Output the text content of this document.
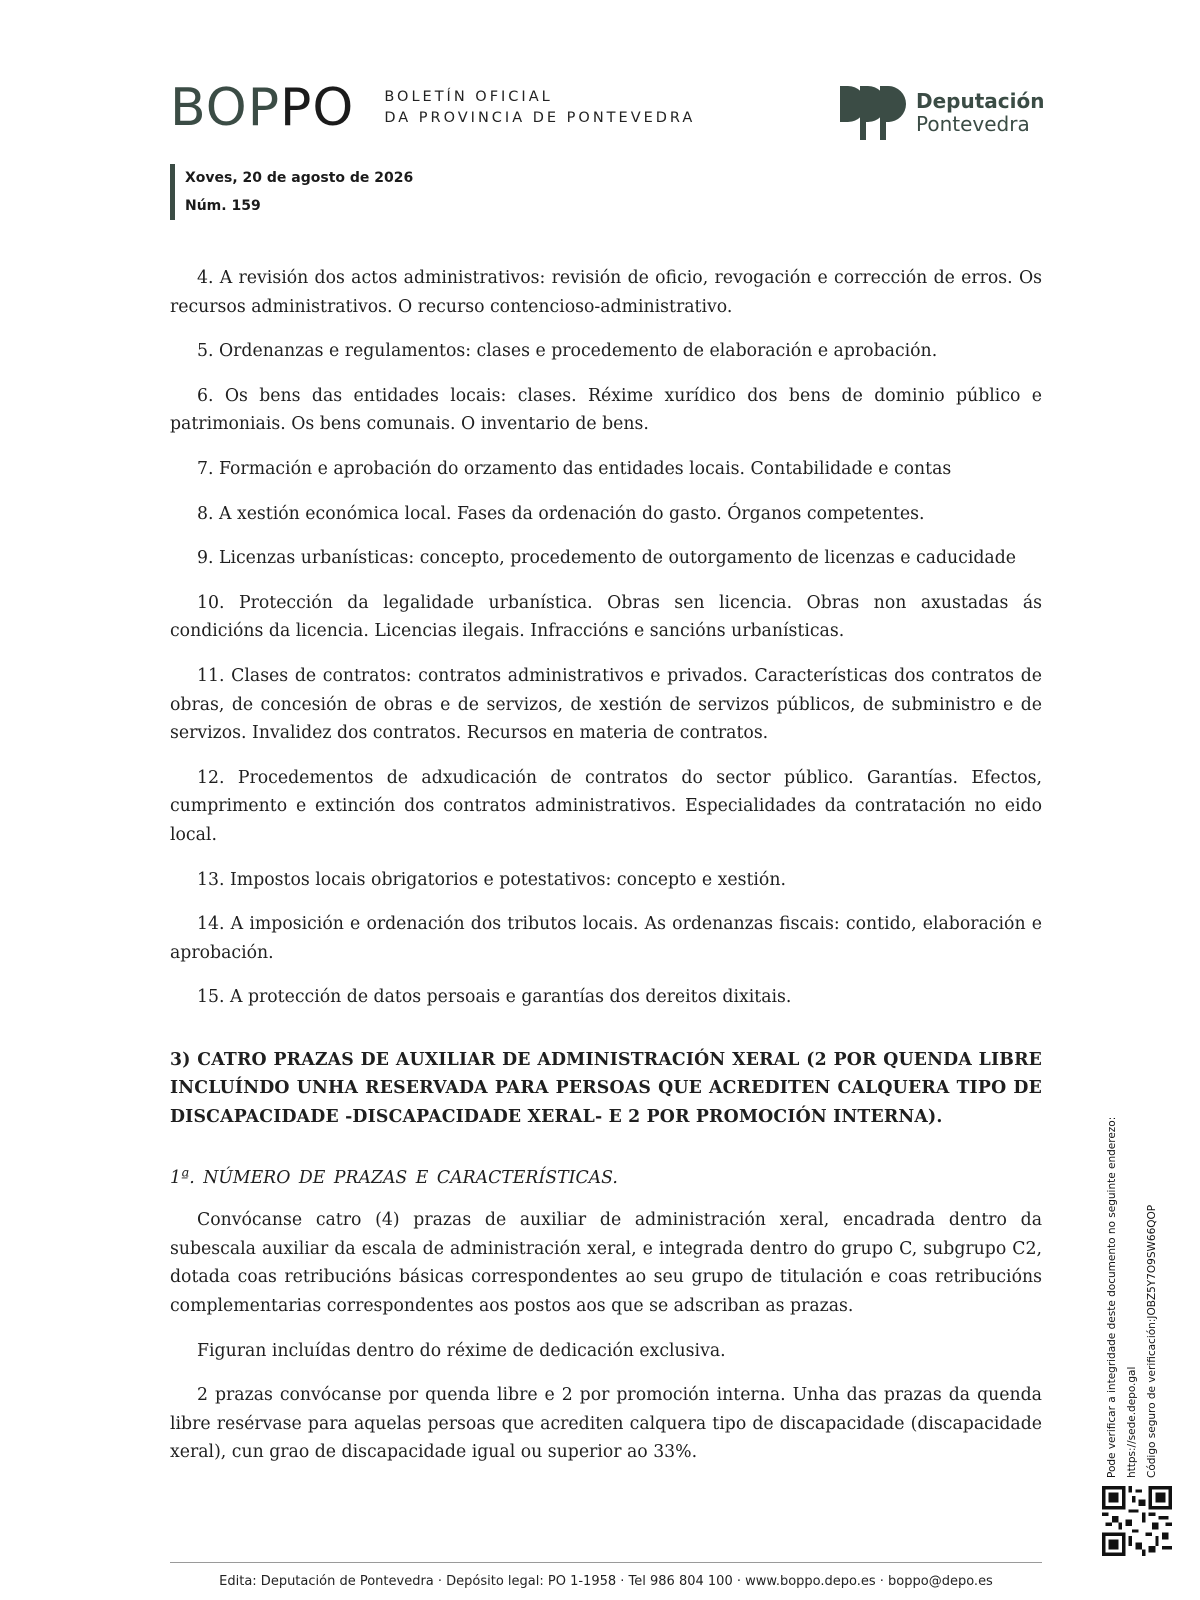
BOPPO BOLETÍN OFICIAL
DA PROVINCIA DE PONTEVEDRA
Deputación
Pontevedra
Xoves, 20 de agosto de 2026
Núm. 159

4. A revisión dos actos administrativos: revisión de oficio, revogación e corrección de erros. Os recursos administrativos. O recurso contencioso-administrativo.

5. Ordenanzas e regulamentos: clases e procedemento de elaboración e aprobación.

6. Os bens das entidades locais: clases. Réxime xurídico dos bens de dominio público e patrimoniais. Os bens comunais. O inventario de bens.

7. Formación e aprobación do orzamento das entidades locais. Contabilidade e contas

8. A xestión económica local. Fases da ordenación do gasto. Órganos competentes.

9. Licenzas urbanísticas: concepto, procedemento de outorgamento de licenzas e caducidade

10. Protección da legalidade urbanística. Obras sen licencia. Obras non axustadas ás condicións da licencia. Licencias ilegais. Infraccións e sancións urbanísticas.

11. Clases de contratos: contratos administrativos e privados. Características dos contratos de obras, de concesión de obras e de servizos, de xestión de servizos públicos, de subministro e de servizos. Invalidez dos contratos. Recursos en materia de contratos.

12. Procedementos de adxudicación de contratos do sector público. Garantías. Efectos, cumprimento e extinción dos contratos administrativos. Especialidades da contratación no eido local.

13. Impostos locais obrigatorios e potestativos: concepto e xestión.

14. A imposición e ordenación dos tributos locais. As ordenanzas fiscais: contido, elaboración e aprobación.

15. A protección de datos persoais e garantías dos dereitos dixitais.

3) CATRO PRAZAS DE AUXILIAR DE ADMINISTRACIÓN XERAL (2 POR QUENDA LIBRE INCLUÍNDO UNHA RESERVADA PARA PERSOAS QUE ACREDITEN CALQUERA TIPO DE DISCAPACIDADE -DISCAPACIDADE XERAL- E 2 POR PROMOCIÓN INTERNA).
1ª. NÚMERO DE PRAZAS E CARACTERÍSTICAS.

Convócanse catro (4) prazas de auxiliar de administración xeral, encadrada dentro da subescala auxiliar da escala de administración xeral, e integrada dentro do grupo C, subgrupo C2, dotada coas retribucións básicas correspondentes ao seu grupo de titulación e coas retribucións complementarias correspondentes aos postos aos que se adscriban as prazas.

Figuran incluídas dentro do réxime de dedicación exclusiva.

2 prazas convócanse por quenda libre e 2 por promoción interna. Unha das prazas da quenda libre resérvase para aquelas persoas que acrediten calquera tipo de discapacidade (discapacidade xeral), cun grao de discapacidade igual ou superior ao 33%.	Pode verificar a integridade deste documento no seguinte enderezo: https://sede.depo.gal Código seguro de verificación:JOBZ5Y7O9SW66QOP
Edita: Deputación de Pontevedra · Depósito legal: PO 1-1958 · Tel 986 804 100 · www.boppo.depo.es · boppo@depo.es
